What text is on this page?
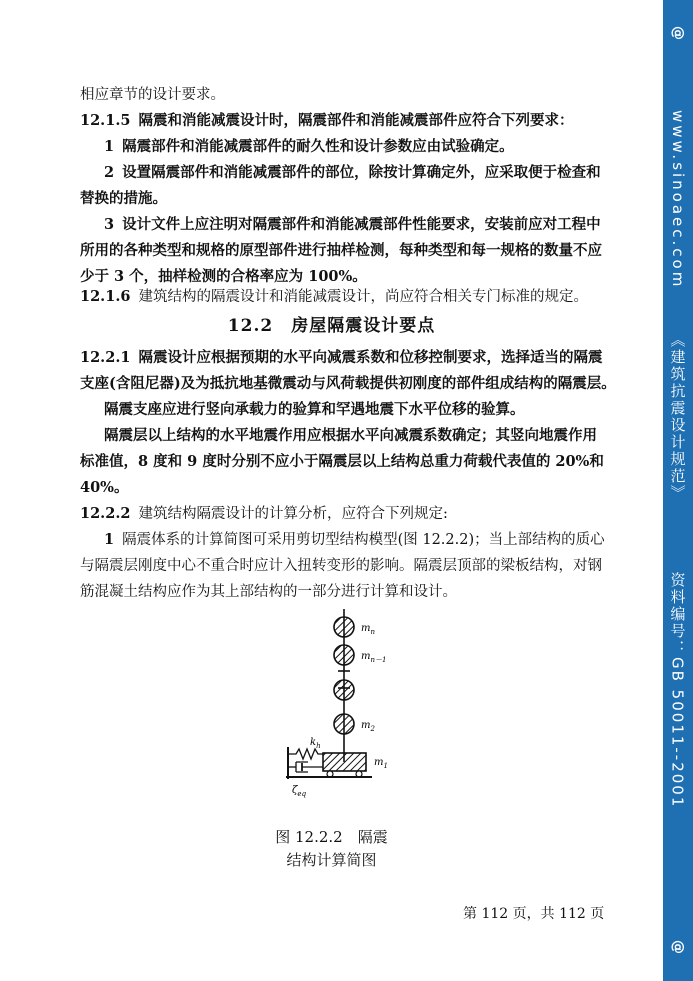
相应章节的设计要求。
12.1.5 隔震和消能减震设计时，隔震部件和消能减震部件应符合下列要求：
1 隔震部件和消能减震部件的耐久性和设计参数应由试验确定。
2 设置隔震部件和消能减震部件的部位，除按计算确定外，应采取便于检查和
替换的措施。
3 设计文件上应注明对隔震部件和消能减震部件性能要求，安装前应对工程中
所用的各种类型和规格的原型部件进行抽样检测，每种类型和每一规格的数量不应
少于 3 个，抽样检测的合格率应为 100%。
12.1.6 建筑结构的隔震设计和消能减震设计，尚应符合相关专门标准的规定。
12.2 房屋隔震设计要点
12.2.1 隔震设计应根据预期的水平向减震系数和位移控制要求，选择适当的隔震
支座(含阻尼器)及为抵抗地基微震动与风荷载提供初刚度的部件组成结构的隔震层。
隔震支座应进行竖向承载力的验算和罕遇地震下水平位移的验算。
隔震层以上结构的水平地震作用应根据水平向减震系数确定；其竖向地震作用
标准值，8 度和 9 度时分别不应小于隔震层以上结构总重力荷载代表值的 20%和
40%。
12.2.2 建筑结构隔震设计的计算分析，应符合下列规定:
1 隔震体系的计算简图可采用剪切型结构模型(图 12.2.2)；当上部结构的质心
与隔震层刚度中心不重合时应计入扭转变形的影响。隔震层顶部的梁板结构，对钢
筋混凝土结构应作为其上部结构的一部分进行计算和设计。
$m_n$
$m_{n-1}$
$m_2$
$m_1$
$k_h$
$\zeta_{eq}$
图 12.2.2　隔震
结构计算简图
第 112 页，共 112 页
@
www.sinoaec.com
《建筑抗震设计规范》
资料编号：GB 50011--2001
@
